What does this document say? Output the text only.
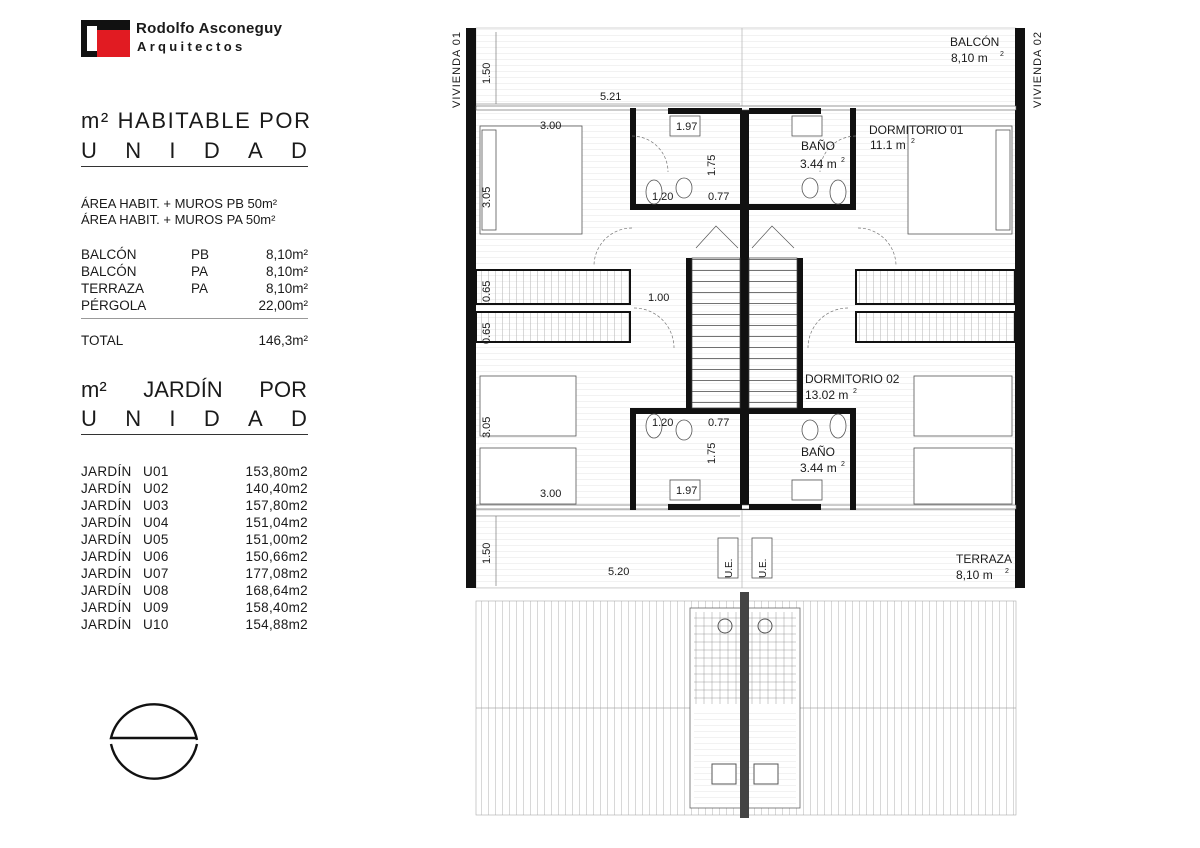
Rodolfo Asconeguy
Arquitectos
m² HABITABLE POR
U N I D A D
ÁREA HABIT. + MUROS PB 50m²
ÁREA HABIT. + MUROS PA 50m²
BALCÓN	PB	8,10m²
BALCÓN	PA	8,10m²
TERRAZA	PA	8,10m²
PÉRGOLA	22,00m²
TOTAL	146,3m²
m² JARDÍN POR
U N I D A D
JARDÍN U01	153,80m2
JARDÍN U02	140,40m2
JARDÍN U03	157,80m2
JARDÍN U04	151,04m2
JARDÍN U05	151,00m2
JARDÍN U06	150,66m2
JARDÍN U07	177,08m2
JARDÍN U08	168,64m2
JARDÍN U09	158,40m2
JARDÍN U10	154,88m2
U.E. U.E.
VIVIENDA 01	VIVIENDA 02
BALCÓN
8,10 m 2
DORMITORIO 01
11.1 m 2
BAÑO
3.44 m 2
DORMITORIO 02
13.02 m 2
BAÑO
3.44 m 2
TERRAZA
8,10 m 2
1.50
5.21
3.00	1.97
1.75
3.05	1.20	0.77
0.65	1.00
0.65
3.05	1.20	0.77
1.75
3.00	1.97
1.50
5.20
